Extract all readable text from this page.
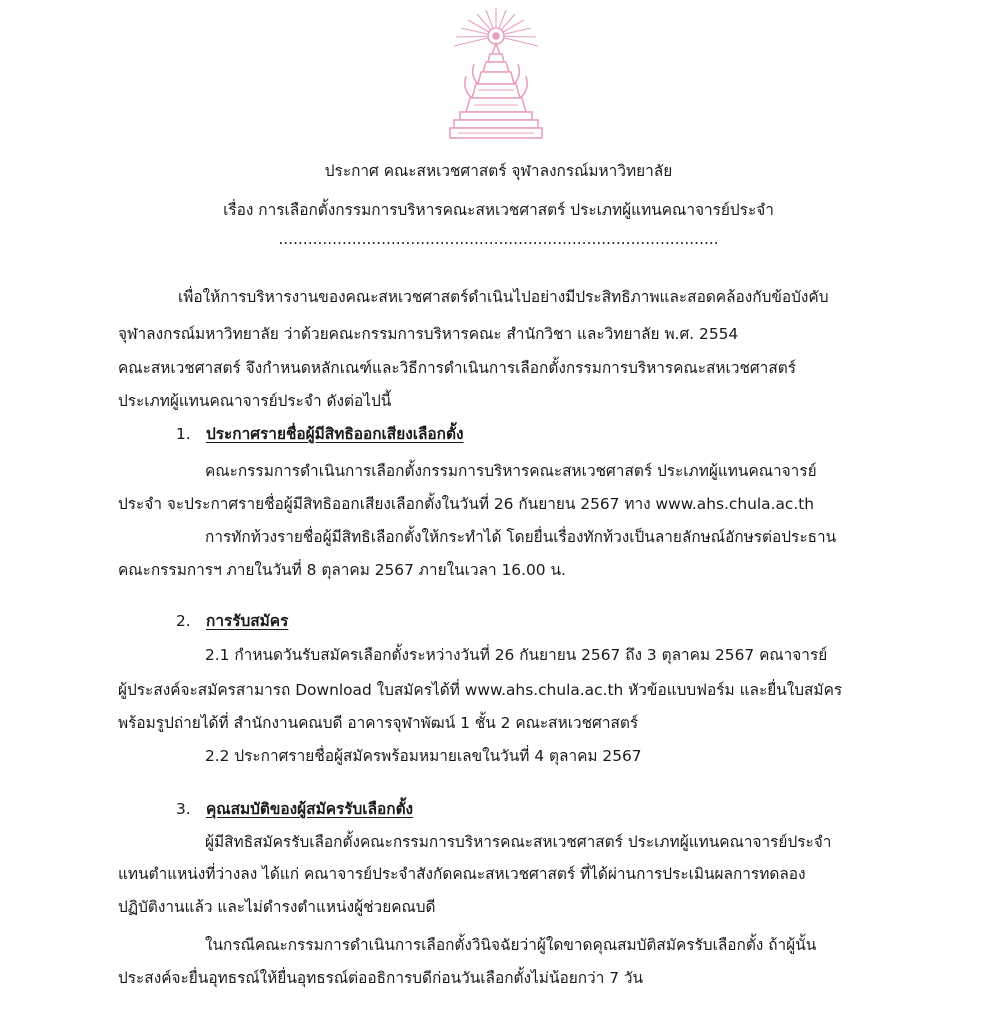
ประกาศ คณะสหเวชศาสตร์ จุฬาลงกรณ์มหาวิทยาลัย
เรื่อง การเลือกตั้งกรรมการบริหารคณะสหเวชศาสตร์ ประเภทผู้แทนคณาจารย์ประจำ
..........................................................................................
เพื่อให้การบริหารงานของคณะสหเวชศาสตร์ดำเนินไปอย่างมีประสิทธิภาพและสอดคล้องกับข้อบังคับ
จุฬาลงกรณ์มหาวิทยาลัย ว่าด้วยคณะกรรมการบริหารคณะ สำนักวิชา และวิทยาลัย พ.ศ. 2554
คณะสหเวชศาสตร์ จึงกำหนดหลักเณฑ์และวิธีการดำเนินการเลือกตั้งกรรมการบริหารคณะสหเวชศาสตร์
ประเภทผู้แทนคณาจารย์ประจำ ดังต่อไปนี้
1. ประกาศรายชื่อผู้มีสิทธิออกเสียงเลือกตั้ง
คณะกรรมการดำเนินการเลือกตั้งกรรมการบริหารคณะสหเวชศาสตร์ ประเภทผู้แทนคณาจารย์
ประจำ จะประกาศรายชื่อผู้มีสิทธิออกเสียงเลือกตั้งในวันที่ 26 กันยายน 2567 ทาง www.ahs.chula.ac.th
การทักท้วงรายชื่อผู้มีสิทธิเลือกตั้งให้กระทำได้ โดยยื่นเรื่องทักท้วงเป็นลายลักษณ์อักษรต่อประธาน
คณะกรรมการฯ ภายในวันที่ 8 ตุลาคม 2567 ภายในเวลา 16.00 น.
2. การรับสมัคร
2.1 กำหนดวันรับสมัครเลือกตั้งระหว่างวันที่ 26 กันยายน 2567 ถึง 3 ตุลาคม 2567 คณาจารย์
ผู้ประสงค์จะสมัครสามารถ Download ใบสมัครได้ที่ www.ahs.chula.ac.th หัวข้อแบบฟอร์ม และยื่นใบสมัคร
พร้อมรูปถ่ายได้ที่ สำนักงานคณบดี อาคารจุฬาพัฒน์ 1 ชั้น 2 คณะสหเวชศาสตร์
2.2 ประกาศรายชื่อผู้สมัครพร้อมหมายเลขในวันที่ 4 ตุลาคม 2567
3. คุณสมบัติของผู้สมัครรับเลือกตั้ง
ผู้มีสิทธิสมัครรับเลือกตั้งคณะกรรมการบริหารคณะสหเวชศาสตร์ ประเภทผู้แทนคณาจารย์ประจำ
แทนตำแหน่งที่ว่างลง ได้แก่ คณาจารย์ประจำสังกัดคณะสหเวชศาสตร์ ที่ได้ผ่านการประเมินผลการทดลอง
ปฏิบัติงานแล้ว และไม่ดำรงตำแหน่งผู้ช่วยคณบดี
ในกรณีคณะกรรมการดำเนินการเลือกตั้งวินิจฉัยว่าผู้ใดขาดคุณสมบัติสมัครรับเลือกตั้ง ถ้าผู้นั้น
ประสงค์จะยื่นอุทธรณ์ให้ยื่นอุทธรณ์ต่ออธิการบดีก่อนวันเลือกตั้งไม่น้อยกว่า 7 วัน
